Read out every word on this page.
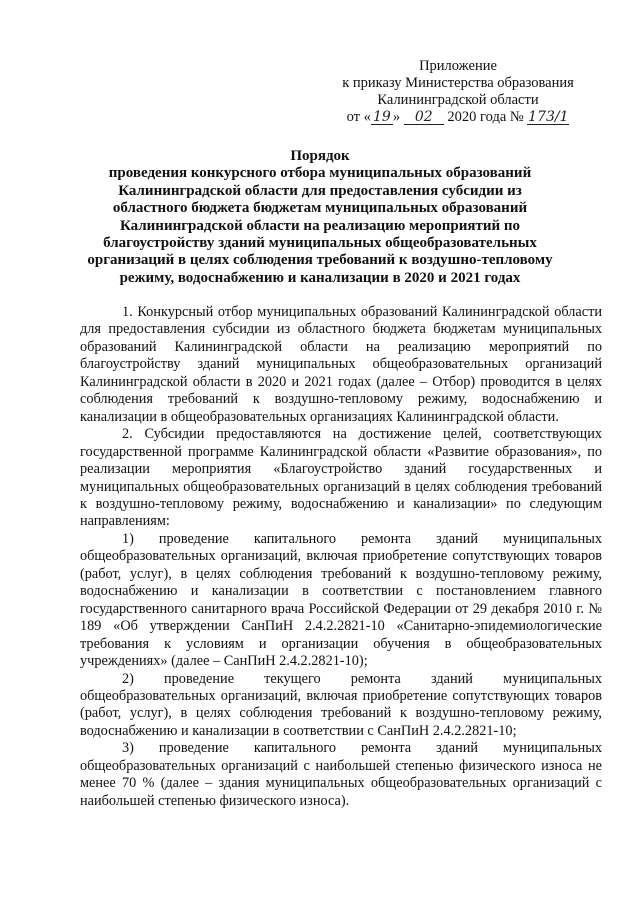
Приложение
к приказу Министерства образования
Калининградской области
от « 19 » 02 2020 года № 173/1
Порядок
проведения конкурсного отбора муниципальных образований
Калининградской области для предоставления субсидии из
областного бюджета бюджетам муниципальных образований
Калининградской области на реализацию мероприятий по
благоустройству зданий муниципальных общеобразовательных
организаций в целях соблюдения требований к воздушно-тепловому
режиму, водоснабжению и канализации в 2020 и 2021 годах

1. Конкурсный отбор муниципальных образований Калининградской области для предоставления субсидии из областного бюджета бюджетам муниципальных образований Калининградской области на реализацию мероприятий по благоустройству зданий муниципальных общеобразовательных организаций Калининградской области в 2020 и 2021 годах (далее – Отбор) проводится в целях соблюдения требований к воздушно-тепловому режиму, водоснабжению и канализации в общеобразовательных организациях Калининградской области.

2. Субсидии предоставляются на достижение целей, соответствующих государственной программе Калининградской области «Развитие образования», по реализации мероприятия «Благоустройство зданий государственных и муниципальных общеобразовательных организаций в целях соблюдения требований к воздушно-тепловому режиму, водоснабжению и канализации» по следующим направлениям:

1) проведение капитального ремонта зданий муниципальных общеобразовательных организаций, включая приобретение сопутствующих товаров (работ, услуг), в целях соблюдения требований к воздушно-тепловому режиму, водоснабжению и канализации в соответствии с постановлением главного государственного санитарного врача Российской Федерации от 29 декабря 2010 г. № 189 «Об утверждении СанПиН 2.4.2.2821-10 «Санитарно-эпидемиологические требования к условиям и организации обучения в общеобразовательных учреждениях» (далее – СанПиН 2.4.2.2821-10);

2) проведение текущего ремонта зданий муниципальных общеобразовательных организаций, включая приобретение сопутствующих товаров (работ, услуг), в целях соблюдения требований к воздушно-тепловому режиму, водоснабжению и канализации в соответствии с СанПиН 2.4.2.2821-10;

3) проведение капитального ремонта зданий муниципальных общеобразовательных организаций с наибольшей степенью физического износа не менее 70 % (далее – здания муниципальных общеобразовательных организаций с наибольшей степенью физического износа).
